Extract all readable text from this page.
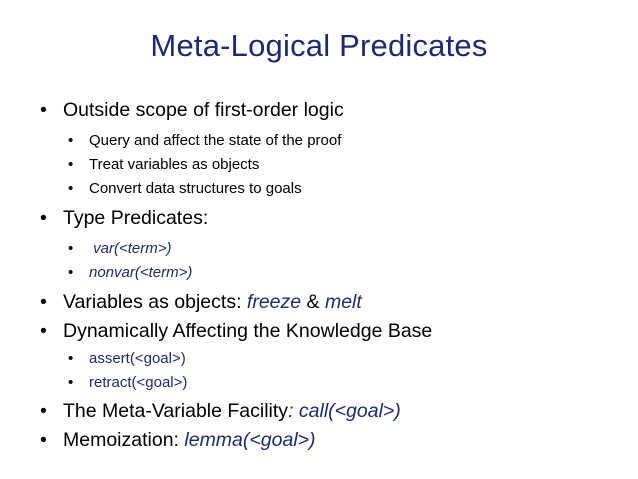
Meta-Logical Predicates
• Outside scope of first-order logic
• Query and affect the state of the proof
• Treat variables as objects
• Convert data structures to goals
• Type Predicates:
• var(<term>)
• nonvar(<term>)
• Variables as objects: freeze & melt
• Dynamically Affecting the Knowledge Base
• assert(<goal>)
• retract(<goal>)
• The Meta-Variable Facility: call(<goal>)
• Memoization: lemma(<goal>)
